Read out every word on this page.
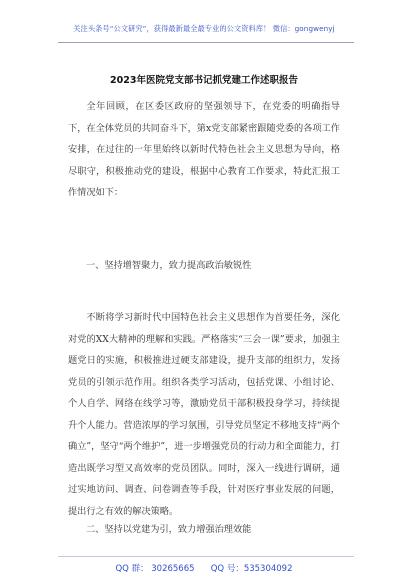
关注头条号“公文研究”，获得最新最全最专业的公文资料库！ 微信：gongwenyj
2023年医院党支部书记抓党建工作述职报告

全年回顾，在区委区政府的坚强领导下，在党委的明确指导下，在全体党员的共同奋斗下，第x党支部紧密跟随党委的各项工作安排，在过往的一年里始终以新时代特色社会主义思想为导向，格尽职守，积极推动党的建设，根据中心教育工作要求，特此汇报工作情况如下：

一、坚持增智聚力，致力提高政治敏锐性

不断将学习新时代中国特色社会主义思想作为首要任务，深化对党的XX大精神的理解和实践。严格落实“三会一课”要求，加强主题党日的实施，积极推进过硬支部建设，提升支部的组织力，发扬党员的引领示范作用。组织各类学习活动，包括党课、小组讨论、个人自学、网络在线学习等，激励党员干部积极投身学习，持续提升个人能力。营造浓厚的学习氛围，引导党员坚定不移地支持“两个确立”，坚守“两个维护”，进一步增强党员的行动力和全面能力，打造出既学习型又高效率的党员团队。同时，深入一线进行调研，通过实地访问、调查、问卷调查等手段，针对医疗事业发展的问题，提出行之有效的解决策略。

二、坚持以党建为引，致力增强治理效能
QQ 群： 30265665      QQ 号：535304092
